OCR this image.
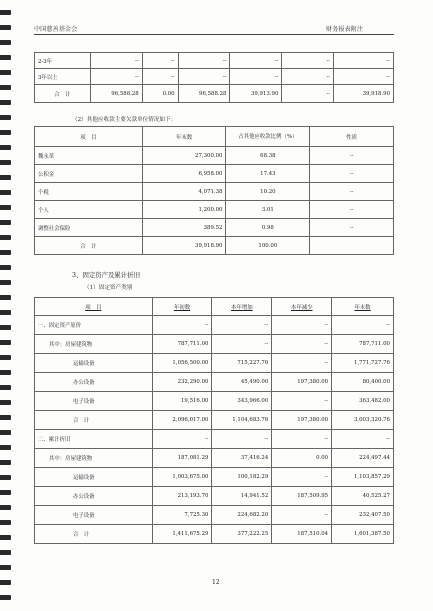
中国慈善基金会	财务报表附注
2-3年	--	--	--	--	--	--
3年以上	--	--	--	--	--	--
合　计	96,588.28	0.00	96,588.28	39,913.90	--	39,918.90
（2）其他应收款主要欠款单位情况如下：
项　目	年末数	占其他应收款比例（%）	性质
魏永革	27,300.00	68.38	--
公积金	6,958.00	17.43	--
个税	4,071.38	10.20	--
个人	1,200.00	3.01	--
调整社会保险	389.52	0.98	--
合　计	39,918.90	100.00	
3、固定资产及累计折旧
（1）固定资产类别
项　目	年初数	本年增加	本年减少	年末数
一、固定资产原价	--	--	--	--
其中：房屋建筑物	787,711.00	--	--	787,711.00
运输设备	1,056,500.00	715,227.76	--	1,771,727.76
办公设备	232,290.00	45,490.00	197,380.00	80,400.00
电子设备	19,516.00	343,966.00	--	363,482.00
合　计	2,096,017.00	1,104,683.76	197,380.00	3,003,320.76
二、累计折旧	--	--	--	--
其中：房屋建筑物	187,081.29	37,416.24	0.00	224,497.44
运输设备	1,003,675.00	100,182.29	--	1,103,857.29
办公设备	213,193.70	14,941.52	187,509.95	40,525.27
电子设备	7,725.30	224,682.20	--	232,407.50
合　计	1,411,675.29	377,222.25	187,510.04	1,601,387.50
12
